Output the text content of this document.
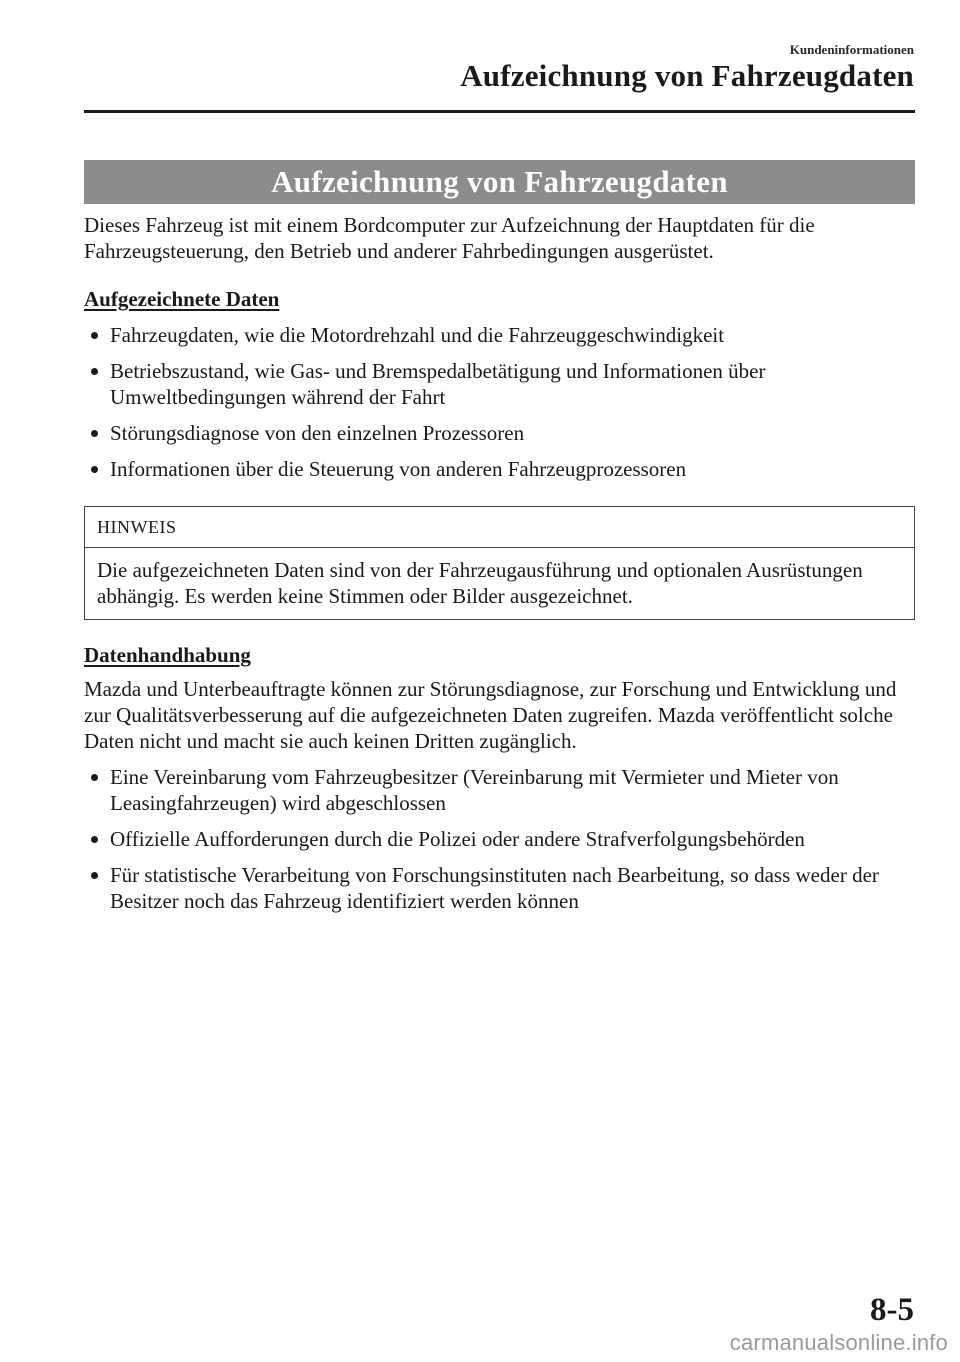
Kundeninformationen
Aufzeichnung von Fahrzeugdaten
Aufzeichnung von Fahrzeugdaten

Dieses Fahrzeug ist mit einem Bordcomputer zur Aufzeichnung der Hauptdaten für die Fahrzeugsteuerung, den Betrieb und anderer Fahrbedingungen ausgerüstet.

Aufgezeichnete Daten
Fahrzeugdaten, wie die Motordrehzahl und die Fahrzeuggeschwindigkeit
Betriebszustand, wie Gas- und Bremspedalbetätigung und Informationen über Umweltbedingungen während der Fahrt
Störungsdiagnose von den einzelnen Prozessoren
Informationen über die Steuerung von anderen Fahrzeugprozessoren
HINWEIS
Die aufgezeichneten Daten sind von der Fahrzeugausführung und optionalen Ausrüstungen abhängig. Es werden keine Stimmen oder Bilder ausgezeichnet.
Datenhandhabung

Mazda und Unterbeauftragte können zur Störungsdiagnose, zur Forschung und Entwicklung und zur Qualitätsverbesserung auf die aufgezeichneten Daten zugreifen. Mazda veröffentlicht solche Daten nicht und macht sie auch keinen Dritten zugänglich.

Eine Vereinbarung vom Fahrzeugbesitzer (Vereinbarung mit Vermieter und Mieter von Leasingfahrzeugen) wird abgeschlossen
Offizielle Aufforderungen durch die Polizei oder andere Strafverfolgungsbehörden
Für statistische Verarbeitung von Forschungsinstituten nach Bearbeitung, so dass weder der Besitzer noch das Fahrzeug identifiziert werden können
8-5
carmanualsonline.info
